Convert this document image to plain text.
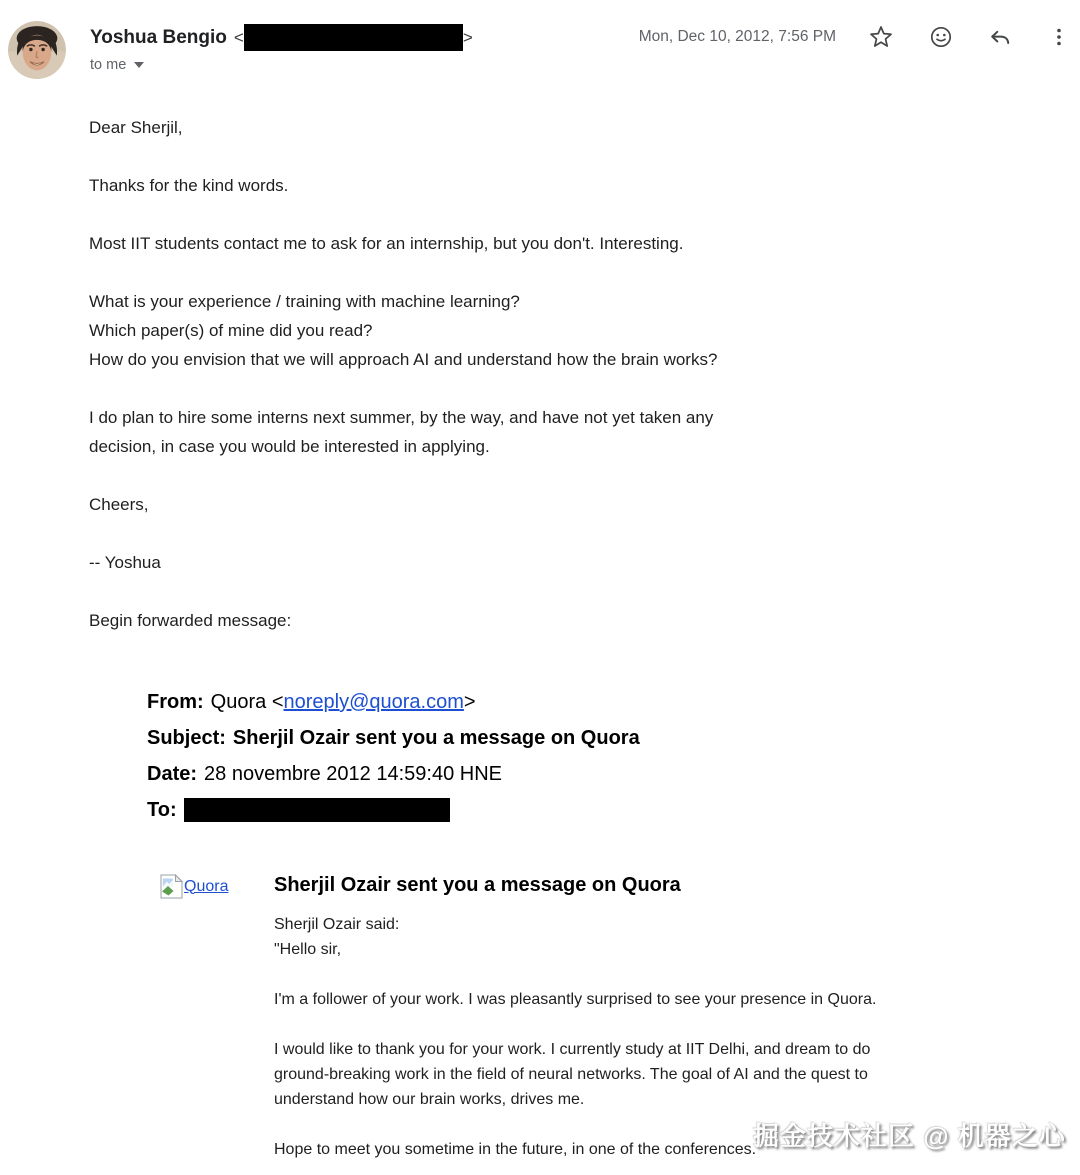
Yoshua Bengio <	>
to me
Mon, Dec 10, 2012, 7:56 PM
Dear Sherjil,
Thanks for the kind words.
Most IIT students contact me to ask for an internship, but you don't. Interesting.
What is your experience / training with machine learning?
Which paper(s) of mine did you read?
How do you envision that we will approach AI and understand how the brain works?
I do plan to hire some interns next summer, by the way, and have not yet taken any
decision, in case you would be interested in applying.
Cheers,
-- Yoshua
Begin forwarded message:
From: Quora < noreply@quora.com >
Subject: Sherjil Ozair sent you a message on Quora
Date: 28 novembre 2012 14:59:40 HNE
To:
Quora Sherjil Ozair sent you a message on Quora
Sherjil Ozair said:
"Hello sir,
I'm a follower of your work. I was pleasantly surprised to see your presence in Quora.
I would like to thank you for your work. I currently study at IIT Delhi, and dream to do
ground-breaking work in the field of neural networks. The goal of AI and the quest to
understand how our brain works, drives me.
Hope to meet you sometime in the future, in one of the conferences."
掘金技术社区 @ 机器之心
